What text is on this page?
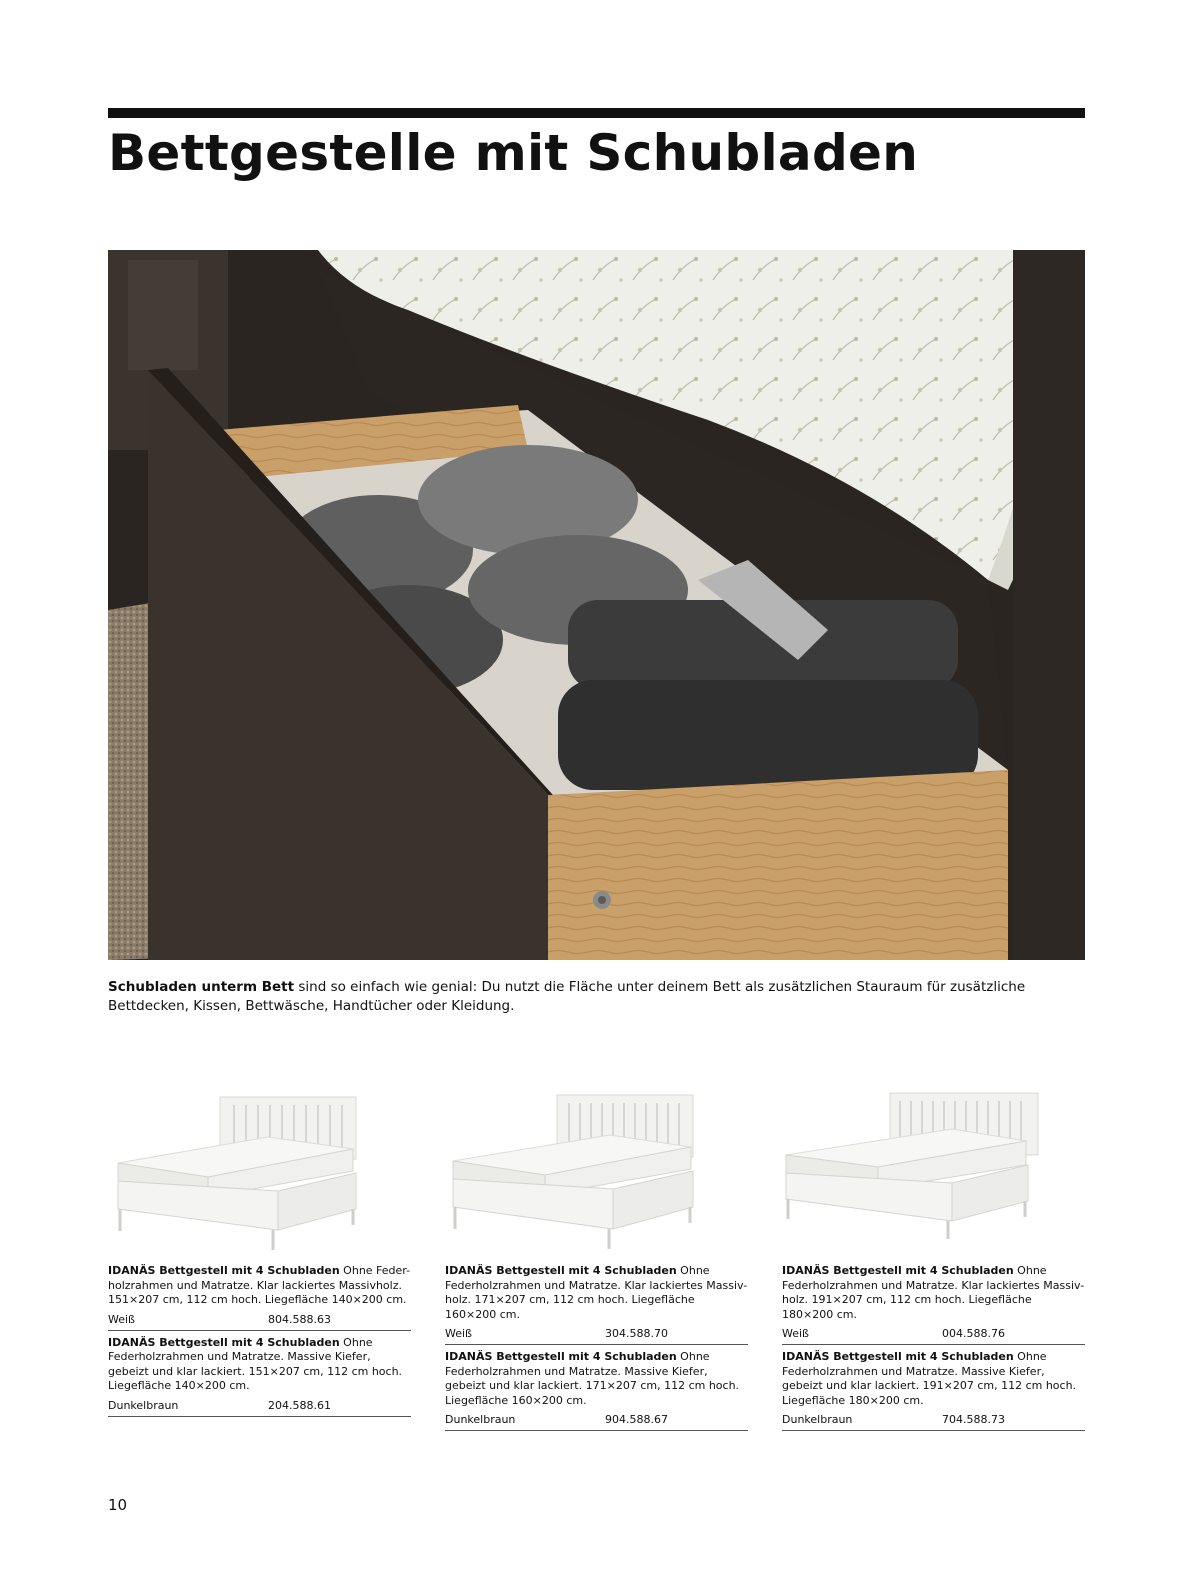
Bettgestelle mit Schubladen

Schubladen unterm Bett sind so einfach wie genial: Du nutzt die Fläche unter deinem Bett als zusätzlichen Stauraum für zusätzliche Bettdecken, Kissen, Bettwäsche, Handtücher oder Kleidung.

IDANÄS Bettgestell mit 4 Schubladen Ohne Feder-holzrahmen und Matratze. Klar lackiertes Massivholz. 151×207 cm, 112 cm hoch. Liegefläche 140×200 cm.
Weiß	804.588.63
IDANÄS Bettgestell mit 4 Schubladen Ohne Federholzrahmen und Matratze. Massive Kiefer, gebeizt und klar lackiert. 151×207 cm, 112 cm hoch. Liegefläche 140×200 cm.
Dunkelbraun	204.588.61
IDANÄS Bettgestell mit 4 Schubladen Ohne Federholzrahmen und Matratze. Klar lackiertes Massiv-holz. 171×207 cm, 112 cm hoch. Liegefläche 160×200 cm.
Weiß	304.588.70
IDANÄS Bettgestell mit 4 Schubladen Ohne Federholzrahmen und Matratze. Massive Kiefer, gebeizt und klar lackiert. 171×207 cm, 112 cm hoch. Liegefläche 160×200 cm.
Dunkelbraun	904.588.67
IDANÄS Bettgestell mit 4 Schubladen Ohne Federholzrahmen und Matratze. Klar lackiertes Massiv-holz. 191×207 cm, 112 cm hoch. Liegefläche 180×200 cm.
Weiß	004.588.76
IDANÄS Bettgestell mit 4 Schubladen Ohne Federholzrahmen und Matratze. Massive Kiefer, gebeizt und klar lackiert. 191×207 cm, 112 cm hoch. Liegefläche 180×200 cm.
Dunkelbraun	704.588.73
10
